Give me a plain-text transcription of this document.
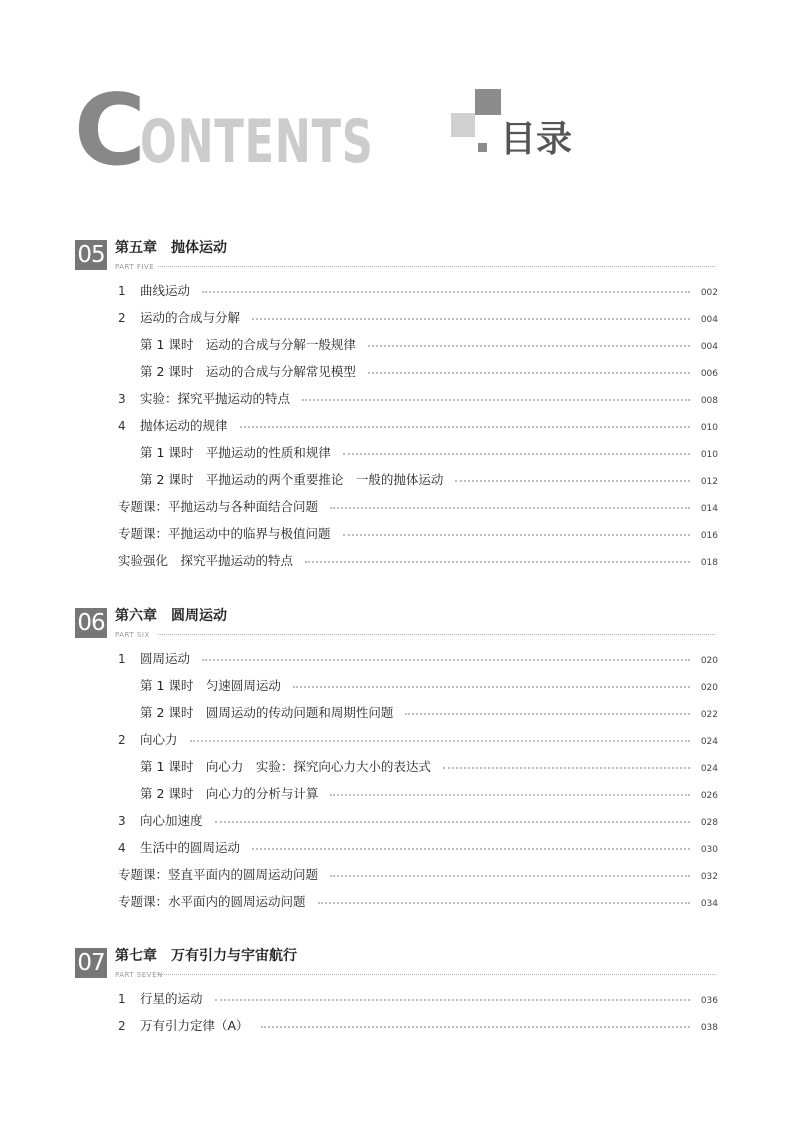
C
ONTENTS	目录
05 第五章　抛体运动
PART FIVE
1 曲线运动	002
2 运动的合成与分解	004
第 1 课时　运动的合成与分解一般规律	004
第 2 课时　运动的合成与分解常见模型	006
3 实验：探究平抛运动的特点	008
4 抛体运动的规律	010
第 1 课时　平抛运动的性质和规律	010
第 2 课时　平抛运动的两个重要推论　一般的抛体运动	012
专题课：平抛运动与各种面结合问题	014
专题课：平抛运动中的临界与极值问题	016
实验强化　探究平抛运动的特点	018
06 第六章　圆周运动
PART SIX
1 圆周运动	020
第 1 课时　匀速圆周运动	020
第 2 课时　圆周运动的传动问题和周期性问题	022
2 向心力	024
第 1 课时　向心力　实验：探究向心力大小的表达式	024
第 2 课时　向心力的分析与计算	026
3 向心加速度	028
4 生活中的圆周运动	030
专题课：竖直平面内的圆周运动问题	032
专题课：水平面内的圆周运动问题	034
07 第七章　万有引力与宇宙航行
PART SEVEN
1 行星的运动	036
2 万有引力定律（A）	038
